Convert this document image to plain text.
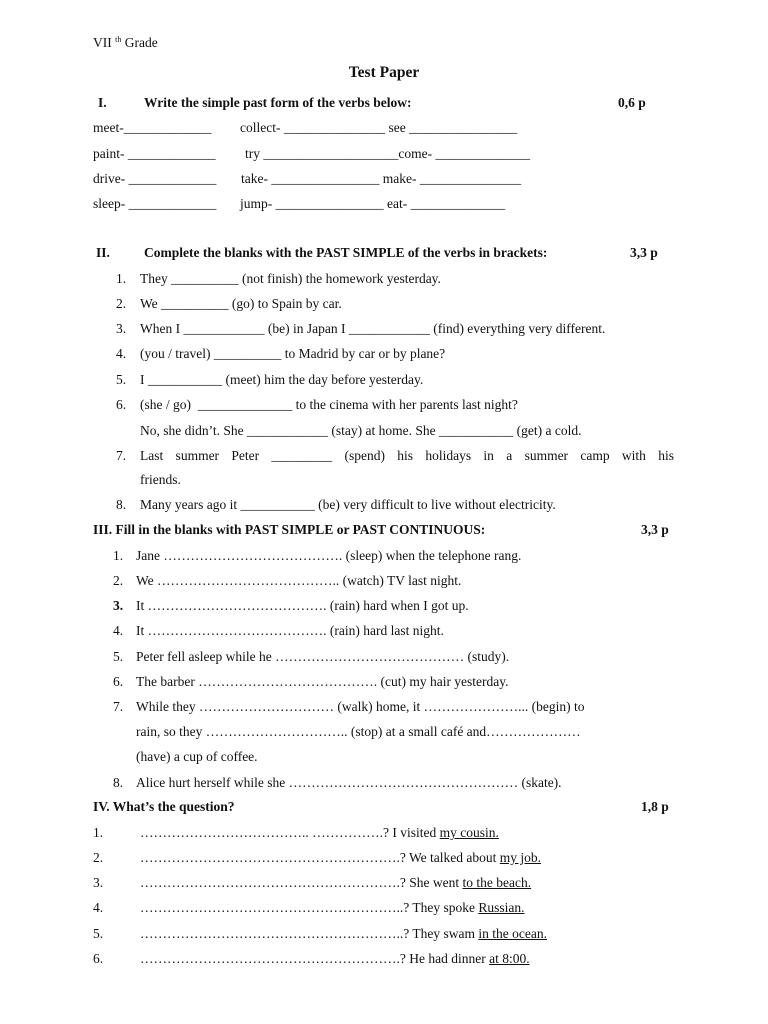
VII $^{th}$ Grade
Test Paper
I.	Write the simple past form of the verbs below:	0,6 p
meet-_____________ collect- _______________ see ________________
paint- _____________ try ____________________come- ______________
drive- _____________ take- ________________ make- _______________
sleep- _____________ jump- ________________ eat- ______________
II.	Complete the blanks with the PAST SIMPLE of the verbs in brackets:	3,3 p
1. They __________ (not finish) the homework yesterday.
2. We __________ (go) to Spain by car.
3. When I ____________ (be) in Japan I ____________ (find) everything very different.
4. (you / travel) __________ to Madrid by car or by plane?
5. I ___________ (meet) him the day before yesterday.
6. (she / go)  ______________ to the cinema with her parents last night?
No, she didn’t. She ____________ (stay) at home. She ___________ (get) a cold.
7. Last summer Peter _________ (spend) his holidays in a summer camp with his
friends.
8. Many years ago it ___________ (be) very difficult to live without electricity.
III. Fill in the blanks with PAST SIMPLE or PAST CONTINUOUS:	3,3 p
1. Jane …………………………………. (sleep) when the telephone rang.
2. We ………………………………….. (watch) TV last night.
3. It …………………………………. (rain) hard when I got up.
4. It …………………………………. (rain) hard last night.
5. Peter fell asleep while he …………………………………… (study).
6. The barber …………………………………. (cut) my hair yesterday.
7. While they ………………………… (walk) home, it …………………... (begin) to
rain, so they ………………………….. (stop) at a small café and…………………
(have) a cup of coffee.
8. Alice hurt herself while she …………………………………………… (skate).
IV. What’s the question?	1,8 p
1.	……………………………….. …………….? I visited my cousin.
2.	………………………………………………….? We talked about my job.
3.	………………………………………………….? She went to the beach.
4.	…………………………………………………..? They spoke Russian.
5.	…………………………………………………..? They swam in the ocean.
6.	………………………………………………….? He had dinner at 8:00.
